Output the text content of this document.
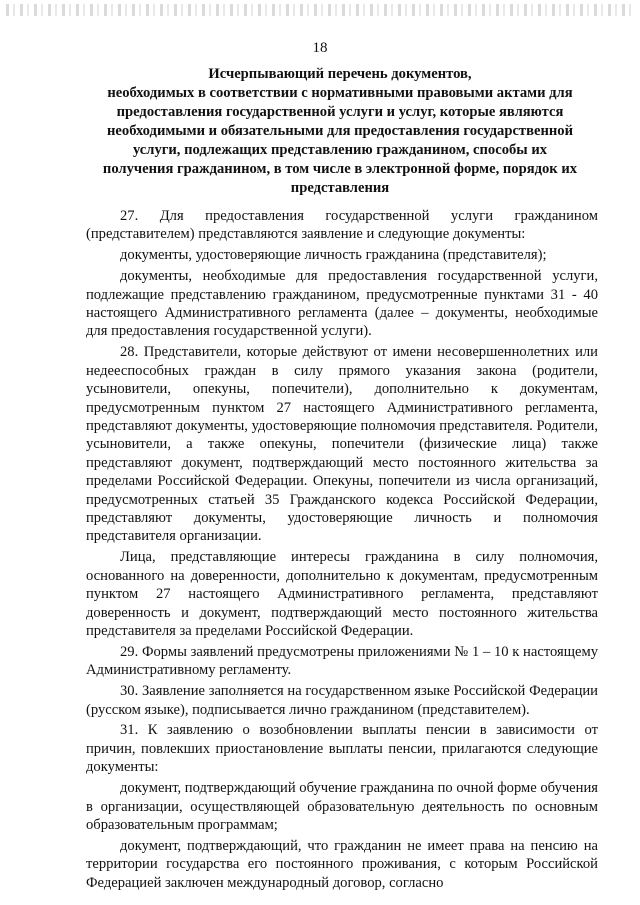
18
Исчерпывающий перечень документов,
необходимых в соответствии с нормативными правовыми актами для
предоставления государственной услуги и услуг, которые являются
необходимыми и обязательными для предоставления государственной
услуги, подлежащих представлению гражданином, способы их
получения гражданином, в том числе в электронной форме, порядок их
представления

27. Для предоставления государственной услуги гражданином (представителем) представляются заявление и следующие документы:

документы, удостоверяющие личность гражданина (представителя);

документы, необходимые для предоставления государственной услуги, подлежащие представлению гражданином, предусмотренные пунктами 31 - 40 настоящего Административного регламента (далее – документы, необходимые для предоставления государственной услуги).

28. Представители, которые действуют от имени несовершеннолетних или недееспособных граждан в силу прямого указания закона (родители, усыновители, опекуны, попечители), дополнительно к документам, предусмотренным пунктом 27 настоящего Административного регламента, представляют документы, удостоверяющие полномочия представителя. Родители, усыновители, а также опекуны, попечители (физические лица) также представляют документ, подтверждающий место постоянного жительства за пределами Российской Федерации. Опекуны, попечители из числа организаций, предусмотренных статьей 35 Гражданского кодекса Российской Федерации, представляют документы, удостоверяющие личность и полномочия представителя организации.

Лица, представляющие интересы гражданина в силу полномочия, основанного на доверенности, дополнительно к документам, предусмотренным пунктом 27 настоящего Административного регламента, представляют доверенность и документ, подтверждающий место постоянного жительства представителя за пределами Российской Федерации.

29. Формы заявлений предусмотрены приложениями № 1 – 10 к настоящему Административному регламенту.

30. Заявление заполняется на государственном языке Российской Федерации (русском языке), подписывается лично гражданином (представителем).

31. К заявлению о возобновлении выплаты пенсии в зависимости от причин, повлекших приостановление выплаты пенсии, прилагаются следующие документы:

документ, подтверждающий обучение гражданина по очной форме обучения в организации, осуществляющей образовательную деятельность по основным образовательным программам;

документ, подтверждающий, что гражданин не имеет права на пенсию на территории государства его постоянного проживания, с которым Российской Федерацией заключен международный договор, согласно
